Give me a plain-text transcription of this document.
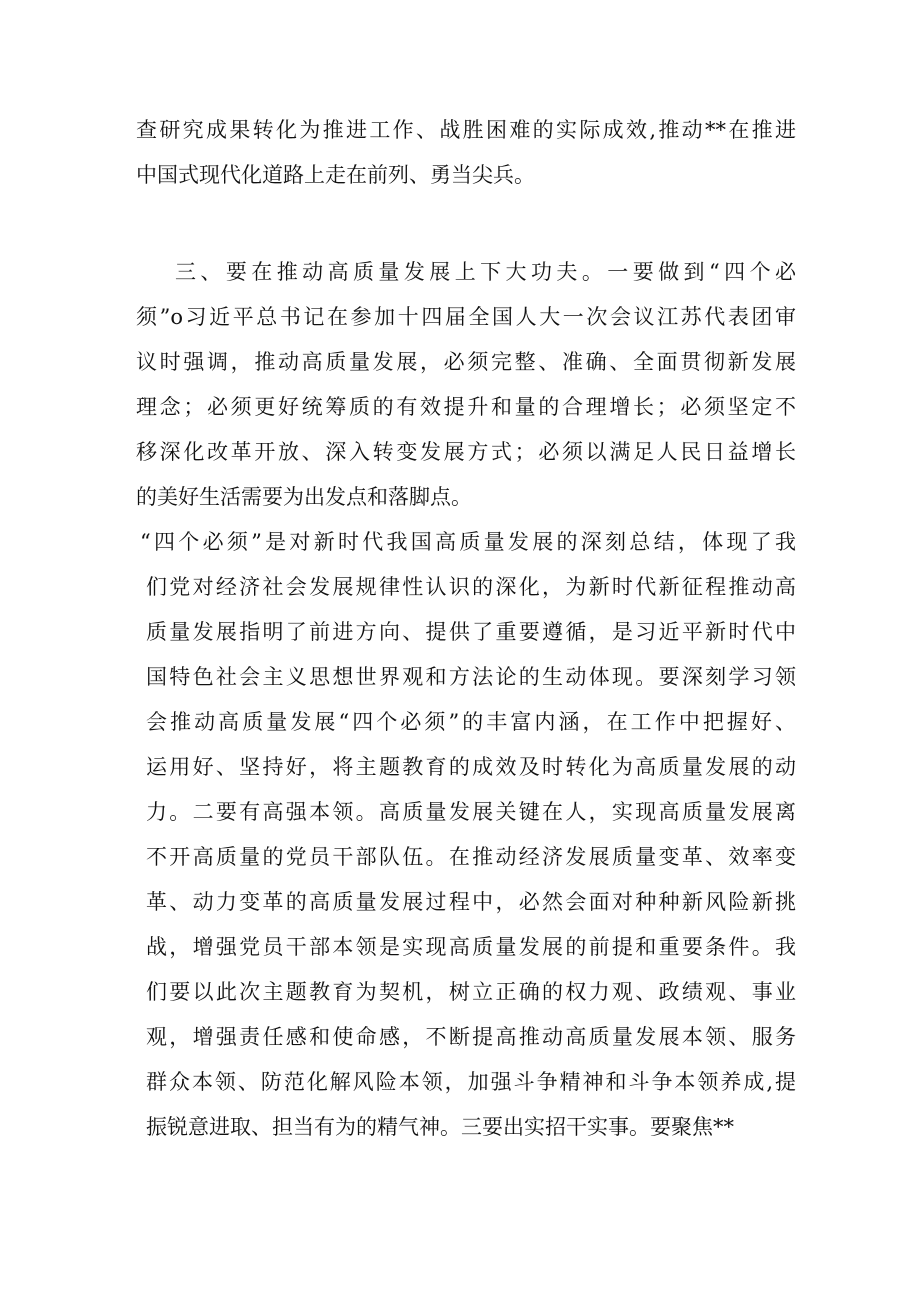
查研究成果转化为推进工作、战胜困难的实际成效,推动**在推进
中国式现代化道路上走在前列、勇当尖兵。
三、要在推动高质量发展上下大功夫。一要做到“四个必
须”o习近平总书记在参加十四届全国人大一次会议江苏代表团审
议时强调，推动高质量发展，必须完整、准确、全面贯彻新发展
理念；必须更好统筹质的有效提升和量的合理增长；必须坚定不
移深化改革开放、深入转变发展方式；必须以满足人民日益增长
的美好生活需要为出发点和落脚点。
“四个必须”是对新时代我国高质量发展的深刻总结，体现了我
们党对经济社会发展规律性认识的深化，为新时代新征程推动高
质量发展指明了前进方向、提供了重要遵循，是习近平新时代中
国特色社会主义思想世界观和方法论的生动体现。要深刻学习领
会推动高质量发展“四个必须”的丰富内涵，在工作中把握好、
运用好、坚持好，将主题教育的成效及时转化为高质量发展的动
力。二要有高强本领。高质量发展关键在人，实现高质量发展离
不开高质量的党员干部队伍。在推动经济发展质量变革、效率变
革、动力变革的高质量发展过程中，必然会面对种种新风险新挑
战，增强党员干部本领是实现高质量发展的前提和重要条件。我
们要以此次主题教育为契机，树立正确的权力观、政绩观、事业
观，增强责任感和使命感，不断提高推动高质量发展本领、服务
群众本领、防范化解风险本领，加强斗争精神和斗争本领养成,提
振锐意进取、担当有为的精气神。三要出实招干实事。要聚焦**
